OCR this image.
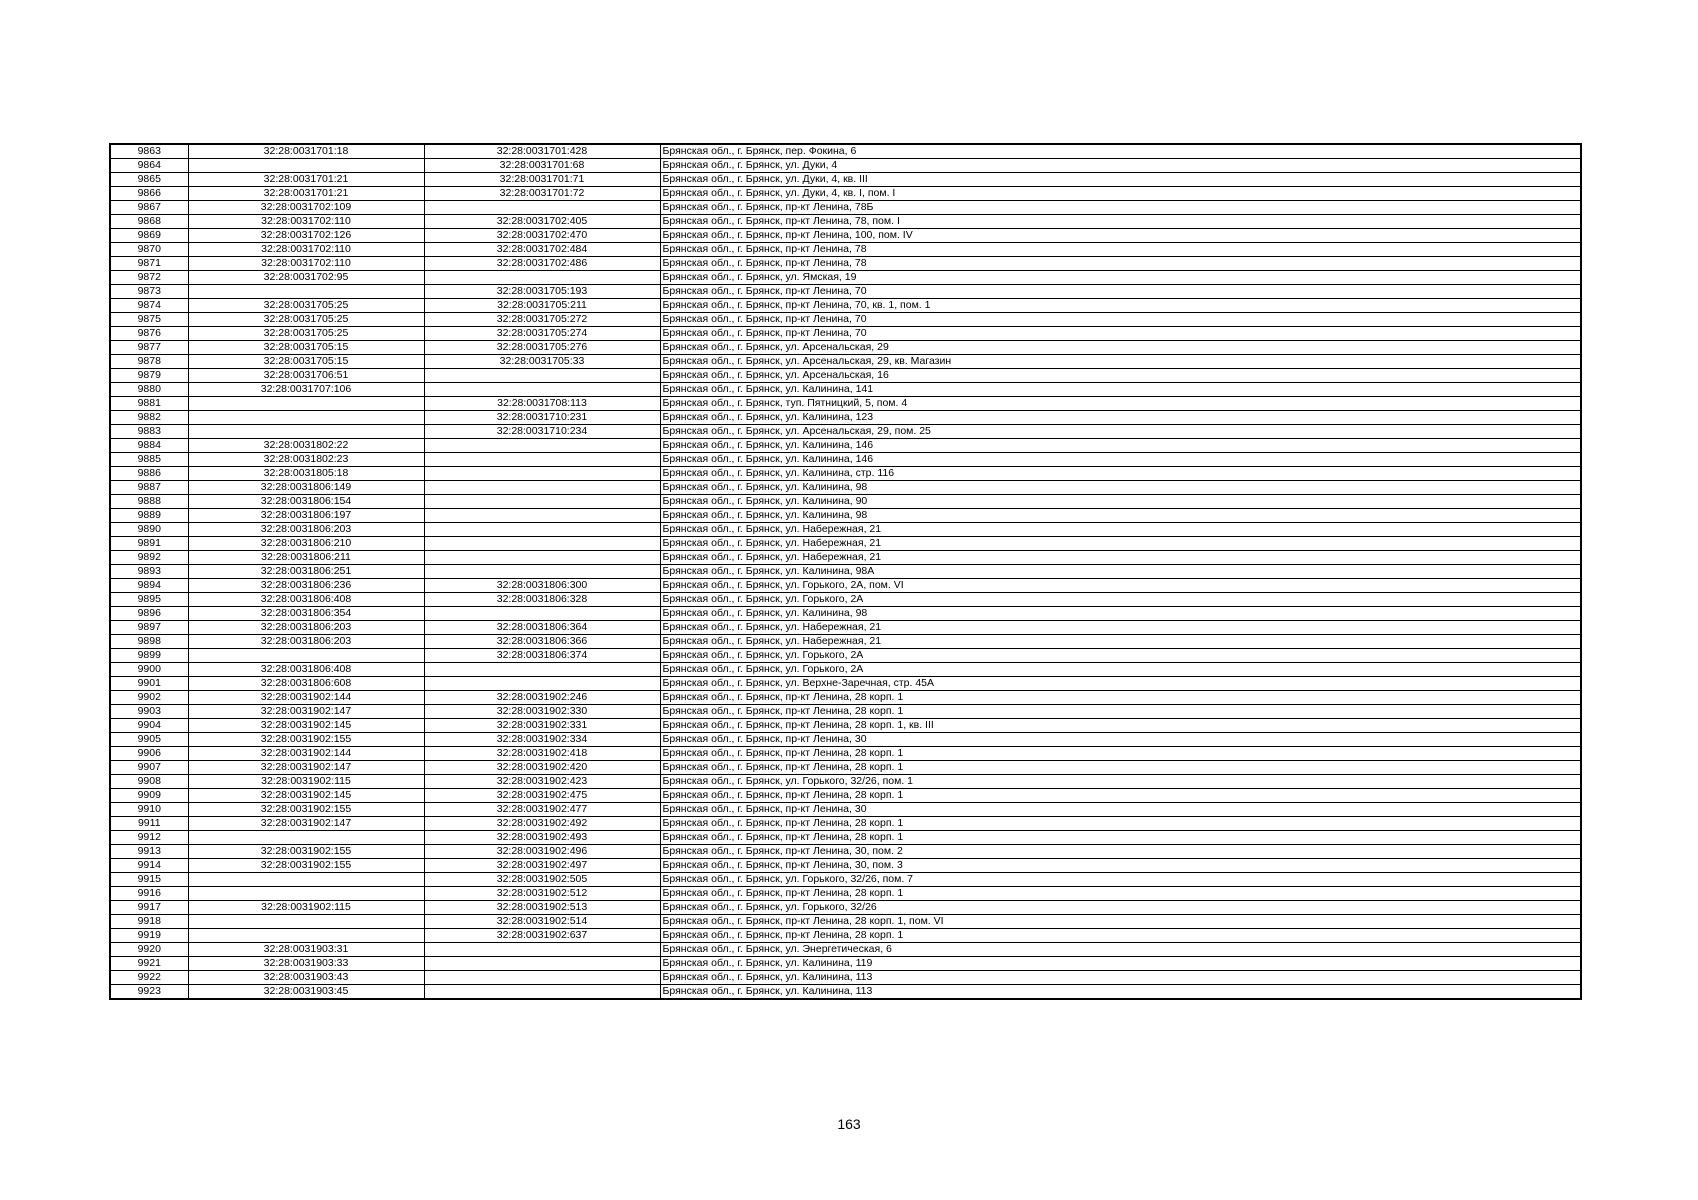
9863	32:28:0031701:18	32:28:0031701:428	Брянская обл., г. Брянск, пер. Фокина, 6
9864		32:28:0031701:68	Брянская обл., г. Брянск, ул. Дуки, 4
9865	32:28:0031701:21	32:28:0031701:71	Брянская обл., г. Брянск, ул. Дуки, 4, кв. III
9866	32:28:0031701:21	32:28:0031701:72	Брянская обл., г. Брянск, ул. Дуки, 4, кв. I, пом. I
9867	32:28:0031702:109		Брянская обл., г. Брянск, пр-кт Ленина, 78Б
9868	32:28:0031702:110	32:28:0031702:405	Брянская обл., г. Брянск, пр-кт Ленина, 78, пом. I
9869	32:28:0031702:126	32:28:0031702:470	Брянская обл., г. Брянск, пр-кт Ленина, 100, пом. IV
9870	32:28:0031702:110	32:28:0031702:484	Брянская обл., г. Брянск, пр-кт Ленина, 78
9871	32:28:0031702:110	32:28:0031702:486	Брянская обл., г. Брянск, пр-кт Ленина, 78
9872	32:28:0031702:95		Брянская обл., г. Брянск, ул. Ямская, 19
9873		32:28:0031705:193	Брянская обл., г. Брянск, пр-кт Ленина, 70
9874	32:28:0031705:25	32:28:0031705:211	Брянская обл., г. Брянск, пр-кт Ленина, 70, кв. 1, пом. 1
9875	32:28:0031705:25	32:28:0031705:272	Брянская обл., г. Брянск, пр-кт Ленина, 70
9876	32:28:0031705:25	32:28:0031705:274	Брянская обл., г. Брянск, пр-кт Ленина, 70
9877	32:28:0031705:15	32:28:0031705:276	Брянская обл., г. Брянск, ул. Арсенальская, 29
9878	32:28:0031705:15	32:28:0031705:33	Брянская обл., г. Брянск, ул. Арсенальская, 29, кв. Магазин
9879	32:28:0031706:51		Брянская обл., г. Брянск, ул. Арсенальская, 16
9880	32:28:0031707:106		Брянская обл., г. Брянск, ул. Калинина, 141
9881		32:28:0031708:113	Брянская обл., г. Брянск, туп. Пятницкий, 5, пом. 4
9882		32:28:0031710:231	Брянская обл., г. Брянск, ул. Калинина, 123
9883		32:28:0031710:234	Брянская обл., г. Брянск, ул. Арсенальская, 29, пом. 25
9884	32:28:0031802:22		Брянская обл., г. Брянск, ул. Калинина, 146
9885	32:28:0031802:23		Брянская обл., г. Брянск, ул. Калинина, 146
9886	32:28:0031805:18		Брянская обл., г. Брянск, ул. Калинина, стр. 116
9887	32:28:0031806:149		Брянская обл., г. Брянск, ул. Калинина, 98
9888	32:28:0031806:154		Брянская обл., г. Брянск, ул. Калинина, 90
9889	32:28:0031806:197		Брянская обл., г. Брянск, ул. Калинина, 98
9890	32:28:0031806:203		Брянская обл., г. Брянск, ул. Набережная, 21
9891	32:28:0031806:210		Брянская обл., г. Брянск, ул. Набережная, 21
9892	32:28:0031806:211		Брянская обл., г. Брянск, ул. Набережная, 21
9893	32:28:0031806:251		Брянская обл., г. Брянск, ул. Калинина, 98А
9894	32:28:0031806:236	32:28:0031806:300	Брянская обл., г. Брянск, ул. Горького, 2А, пом. VI
9895	32:28:0031806:408	32:28:0031806:328	Брянская обл., г. Брянск, ул. Горького, 2А
9896	32:28:0031806:354		Брянская обл., г. Брянск, ул. Калинина, 98
9897	32:28:0031806:203	32:28:0031806:364	Брянская обл., г. Брянск, ул. Набережная, 21
9898	32:28:0031806:203	32:28:0031806:366	Брянская обл., г. Брянск, ул. Набережная, 21
9899		32:28:0031806:374	Брянская обл., г. Брянск, ул. Горького, 2А
9900	32:28:0031806:408		Брянская обл., г. Брянск, ул. Горького, 2А
9901	32:28:0031806:608		Брянская обл., г. Брянск, ул. Верхне-Заречная, стр. 45А
9902	32:28:0031902:144	32:28:0031902:246	Брянская обл., г. Брянск, пр-кт Ленина, 28 корп. 1
9903	32:28:0031902:147	32:28:0031902:330	Брянская обл., г. Брянск, пр-кт Ленина, 28 корп. 1
9904	32:28:0031902:145	32:28:0031902:331	Брянская обл., г. Брянск, пр-кт Ленина, 28 корп. 1, кв. III
9905	32:28:0031902:155	32:28:0031902:334	Брянская обл., г. Брянск, пр-кт Ленина, 30
9906	32:28:0031902:144	32:28:0031902:418	Брянская обл., г. Брянск, пр-кт Ленина, 28 корп. 1
9907	32:28:0031902:147	32:28:0031902:420	Брянская обл., г. Брянск, пр-кт Ленина, 28 корп. 1
9908	32:28:0031902:115	32:28:0031902:423	Брянская обл., г. Брянск, ул. Горького, 32/26, пом. 1
9909	32:28:0031902:145	32:28:0031902:475	Брянская обл., г. Брянск, пр-кт Ленина, 28 корп. 1
9910	32:28:0031902:155	32:28:0031902:477	Брянская обл., г. Брянск, пр-кт Ленина, 30
9911	32:28:0031902:147	32:28:0031902:492	Брянская обл., г. Брянск, пр-кт Ленина, 28 корп. 1
9912		32:28:0031902:493	Брянская обл., г. Брянск, пр-кт Ленина, 28 корп. 1
9913	32:28:0031902:155	32:28:0031902:496	Брянская обл., г. Брянск, пр-кт Ленина, 30, пом. 2
9914	32:28:0031902:155	32:28:0031902:497	Брянская обл., г. Брянск, пр-кт Ленина, 30, пом. 3
9915		32:28:0031902:505	Брянская обл., г. Брянск, ул. Горького, 32/26, пом. 7
9916		32:28:0031902:512	Брянская обл., г. Брянск, пр-кт Ленина, 28 корп. 1
9917	32:28:0031902:115	32:28:0031902:513	Брянская обл., г. Брянск, ул. Горького, 32/26
9918		32:28:0031902:514	Брянская обл., г. Брянск, пр-кт Ленина, 28 корп. 1, пом. VI
9919		32:28:0031902:637	Брянская обл., г. Брянск, пр-кт Ленина, 28 корп. 1
9920	32:28:0031903:31		Брянская обл., г. Брянск, ул. Энергетическая, 6
9921	32:28:0031903:33		Брянская обл., г. Брянск, ул. Калинина, 119
9922	32:28:0031903:43		Брянская обл., г. Брянск, ул. Калинина, 113
9923	32:28:0031903:45		Брянская обл., г. Брянск, ул. Калинина, 113
163
